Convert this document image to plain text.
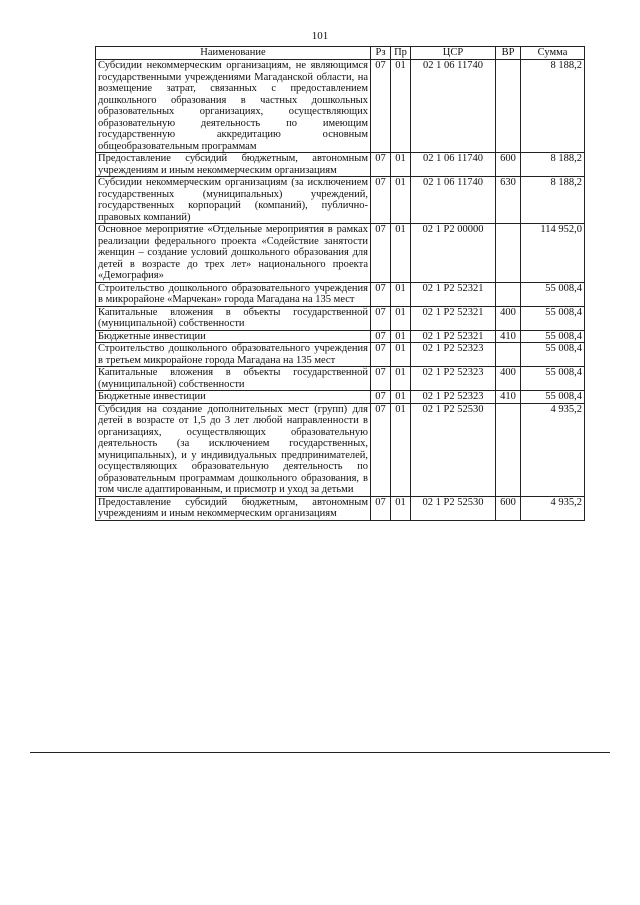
101
Наименование	Рз	Пр	ЦСР	ВР	Сумма
Субсидии некоммерческим организациям, не являющимся государственными учреждениями Магаданской области, на возмещение затрат, связанных с предоставлением дошкольного образования в частных дошкольных образовательных организациях, осуществляющих образовательную деятельность по имеющим государственную аккредитацию основным общеобразовательным программам	07	01	02 1 06 11740		8 188,2
Предоставление субсидий бюджетным, автономным учреждениям и иным некоммерческим организациям	07	01	02 1 06 11740	600	8 188,2
Субсидии некоммерческим организациям (за исключением государственных (муниципальных) учреждений, государственных корпораций (компаний), публично-правовых компаний)	07	01	02 1 06 11740	630	8 188,2
Основное мероприятие «Отдельные мероприятия в рамках реализации федерального проекта «Содействие занятости женщин – создание условий дошкольного образования для детей в возрасте до трех лет» национального проекта «Демография»	07	01	02 1 P2 00000		114 952,0
Строительство дошкольного образовательного учреждения в микрорайоне «Марчекан» города Магадана на 135 мест	07	01	02 1 P2 52321		55 008,4
Капитальные вложения в объекты государственной (муниципальной) собственности	07	01	02 1 P2 52321	400	55 008,4
Бюджетные инвестиции	07	01	02 1 P2 52321	410	55 008,4
Строительство дошкольного образовательного учреждения в третьем микрорайоне города Магадана на 135 мест	07	01	02 1 P2 52323		55 008,4
Капитальные вложения в объекты государственной (муниципальной) собственности	07	01	02 1 P2 52323	400	55 008,4
Бюджетные инвестиции	07	01	02 1 P2 52323	410	55 008,4
Субсидия на создание дополнительных мест (групп) для детей в возрасте от 1,5 до 3 лет любой направленности в организациях, осуществляющих образовательную деятельность (за исключением государственных, муниципальных), и у индивидуальных предпринимателей, осуществляющих образовательную деятельность по образовательным программам дошкольного образования, в том числе адаптированным, и присмотр и уход за детьми	07	01	02 1 P2 52530		4 935,2
Предоставление субсидий бюджетным, автономным учреждениям и иным некоммерческим организациям	07	01	02 1 P2 52530	600	4 935,2
